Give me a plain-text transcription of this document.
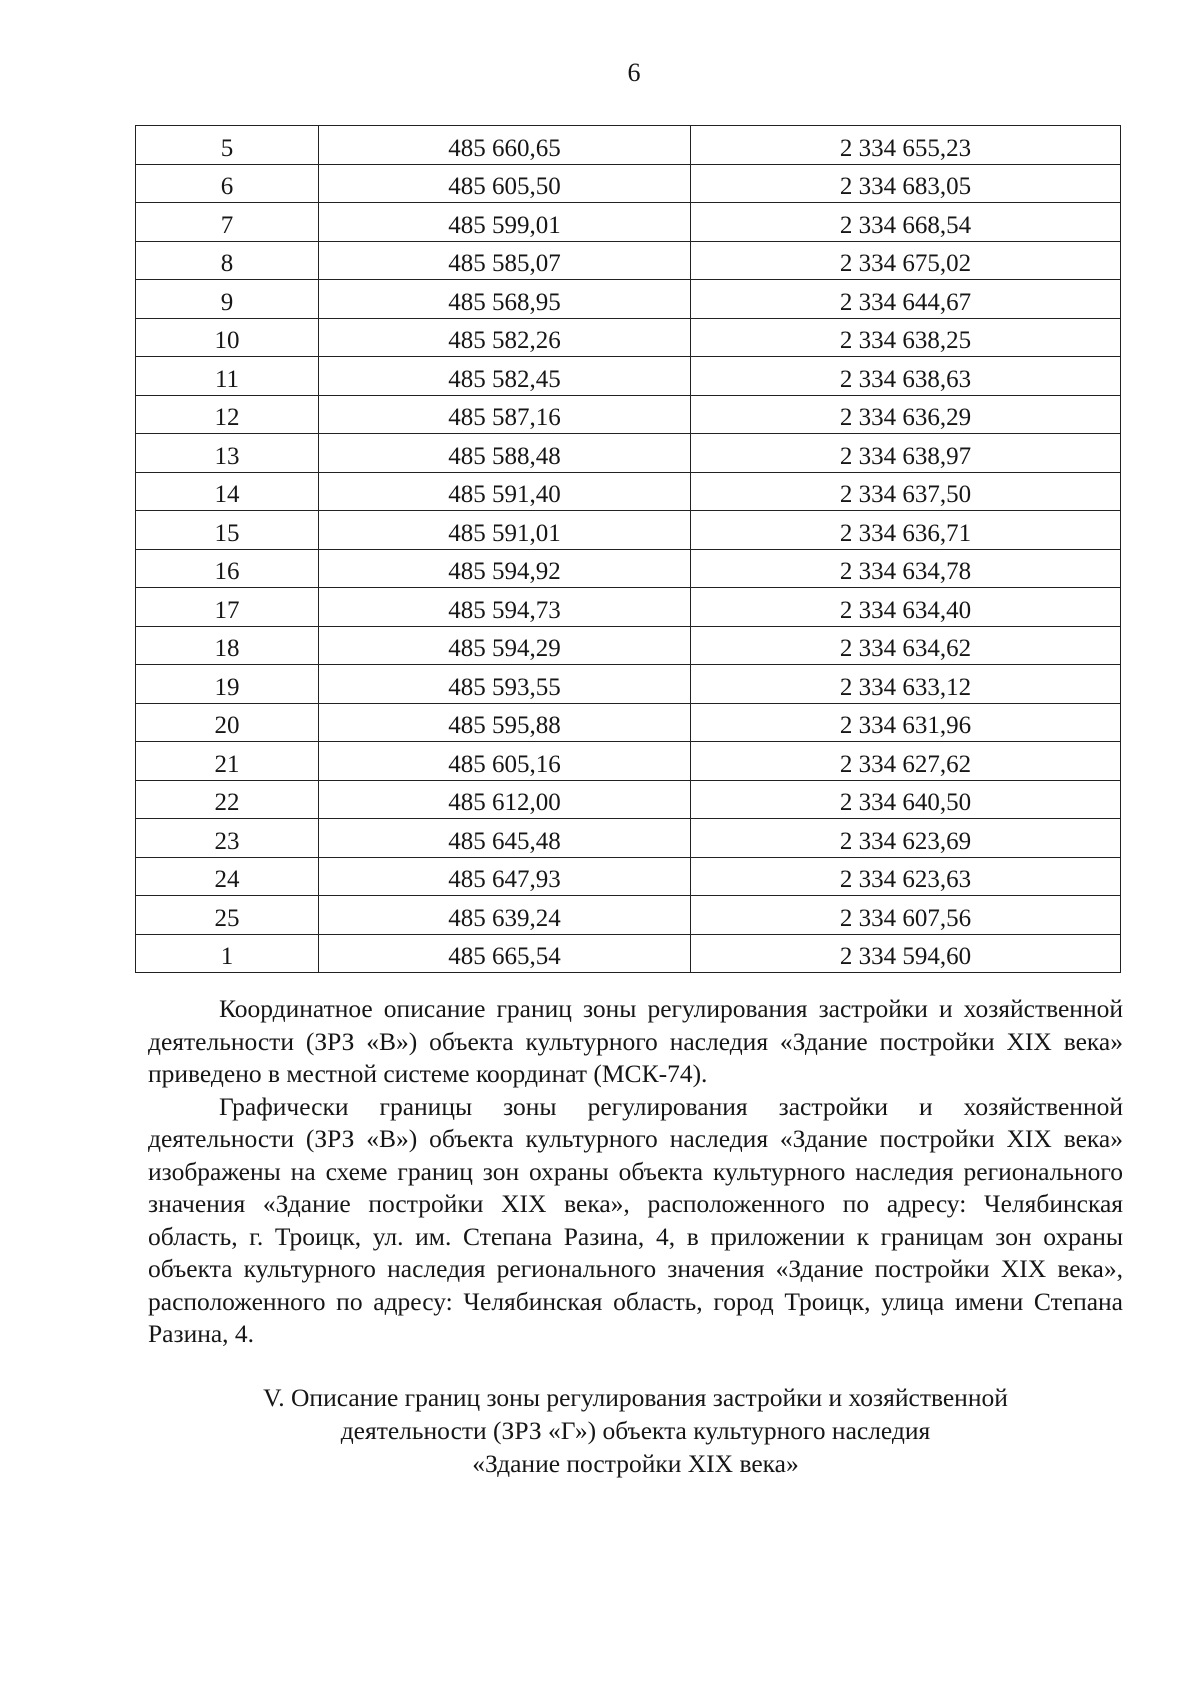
6
5	485 660,65	2 334 655,23
6	485 605,50	2 334 683,05
7	485 599,01	2 334 668,54
8	485 585,07	2 334 675,02
9	485 568,95	2 334 644,67
10	485 582,26	2 334 638,25
11	485 582,45	2 334 638,63
12	485 587,16	2 334 636,29
13	485 588,48	2 334 638,97
14	485 591,40	2 334 637,50
15	485 591,01	2 334 636,71
16	485 594,92	2 334 634,78
17	485 594,73	2 334 634,40
18	485 594,29	2 334 634,62
19	485 593,55	2 334 633,12
20	485 595,88	2 334 631,96
21	485 605,16	2 334 627,62
22	485 612,00	2 334 640,50
23	485 645,48	2 334 623,69
24	485 647,93	2 334 623,63
25	485 639,24	2 334 607,56
1	485 665,54	2 334 594,60

Координатное описание границ зоны регулирования застройки и хозяйственной деятельности (ЗРЗ «В») объекта культурного наследия «Здание постройки XIX века» приведено в местной системе координат (МСК-74).

Графически границы зоны регулирования застройки и хозяйственной деятельности (ЗРЗ «В») объекта культурного наследия «Здание постройки XIX века» изображены на схеме границ зон охраны объекта культурного наследия регионального значения «Здание постройки XIX века», расположенного по адресу: Челябинская область, г. Троицк, ул. им. Степана Разина, 4, в приложении к границам зон охраны объекта культурного наследия регионального значения «Здание постройки XIX века», расположенного по адресу: Челябинская область, город Троицк, улица имени Степана Разина, 4.

V. Описание границ зоны регулирования застройки и хозяйственной
деятельности (ЗРЗ «Г») объекта культурного наследия
«Здание постройки XIX века»
